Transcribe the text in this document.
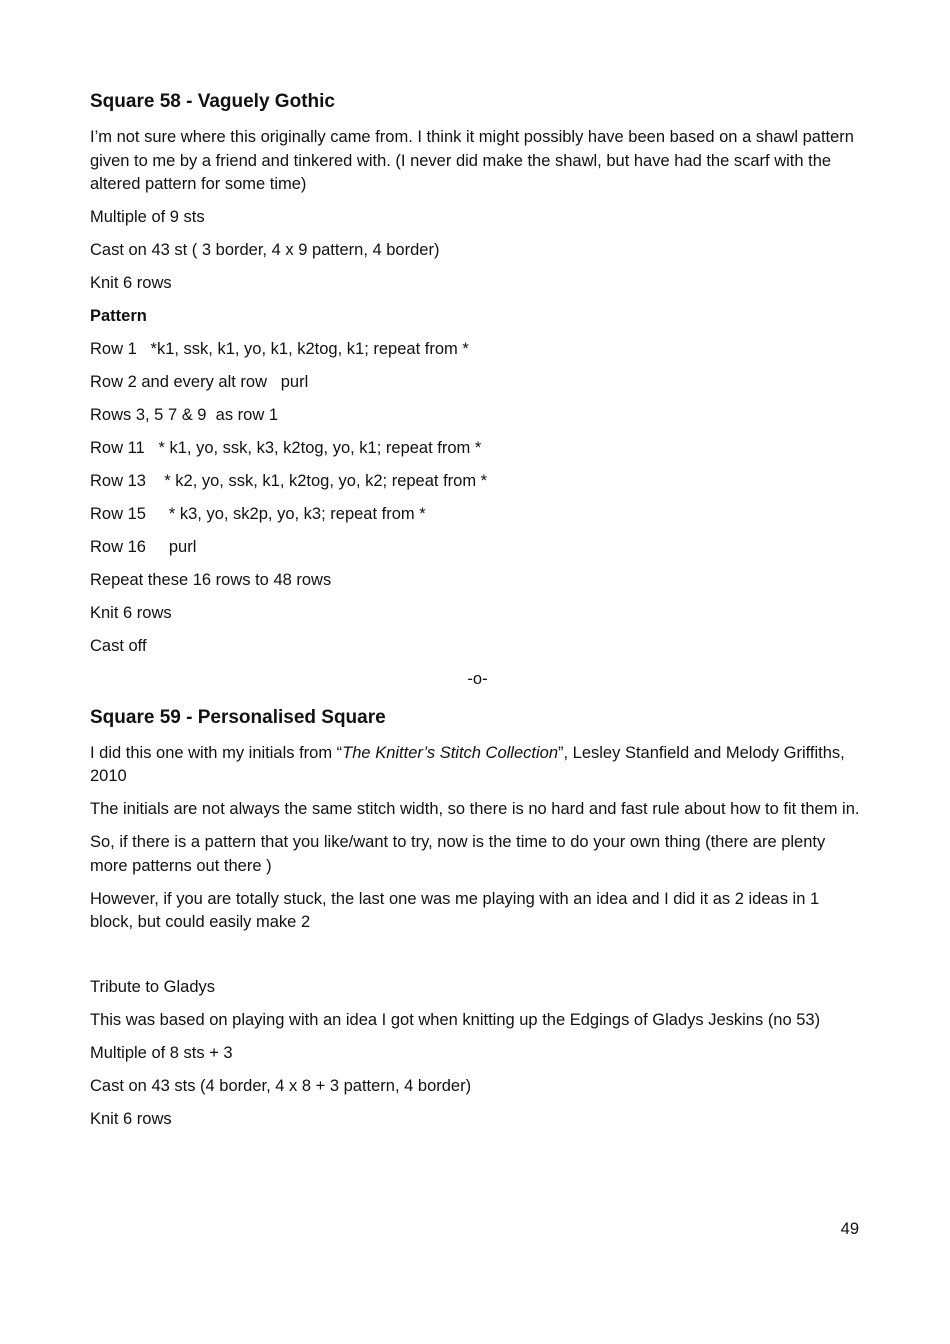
Square 58 - Vaguely Gothic

I’m not sure where this originally came from. I think it might possibly have been based on a shawl pattern given to me by a friend and tinkered with. (I never did make the shawl, but have had the scarf with the altered pattern for some time)

Multiple of 9 sts

Cast on 43 st ( 3 border, 4 x 9 pattern, 4 border)

Knit 6 rows

Pattern

Row 1   *k1, ssk, k1, yo, k1, k2tog, k1; repeat from *

Row 2 and every alt row   purl

Rows 3, 5 7 & 9  as row 1

Row 11   * k1, yo, ssk, k3, k2tog, yo, k1; repeat from *

Row 13    * k2, yo, ssk, k1, k2tog, yo, k2; repeat from *

Row 15     * k3, yo, sk2p, yo, k3; repeat from *

Row 16     purl

Repeat these 16 rows to 48 rows

Knit 6 rows

Cast off

-o-

Square 59 - Personalised Square

I did this one with my initials from “The Knitter’s Stitch Collection”, Lesley Stanfield and Melody Griffiths, 2010

The initials are not always the same stitch width, so there is no hard and fast rule about how to fit them in.

So, if there is a pattern that you like/want to try, now is the time to do your own thing (there are plenty more patterns out there )

However, if you are totally stuck, the last one was me playing with an idea and I did it as 2 ideas in 1 block, but could easily make 2

Tribute to Gladys

This was based on playing with an idea I got when knitting up the Edgings of Gladys Jeskins (no 53)

Multiple of 8 sts + 3

Cast on 43 sts (4 border, 4 x 8 + 3 pattern, 4 border)

Knit 6 rows

49
